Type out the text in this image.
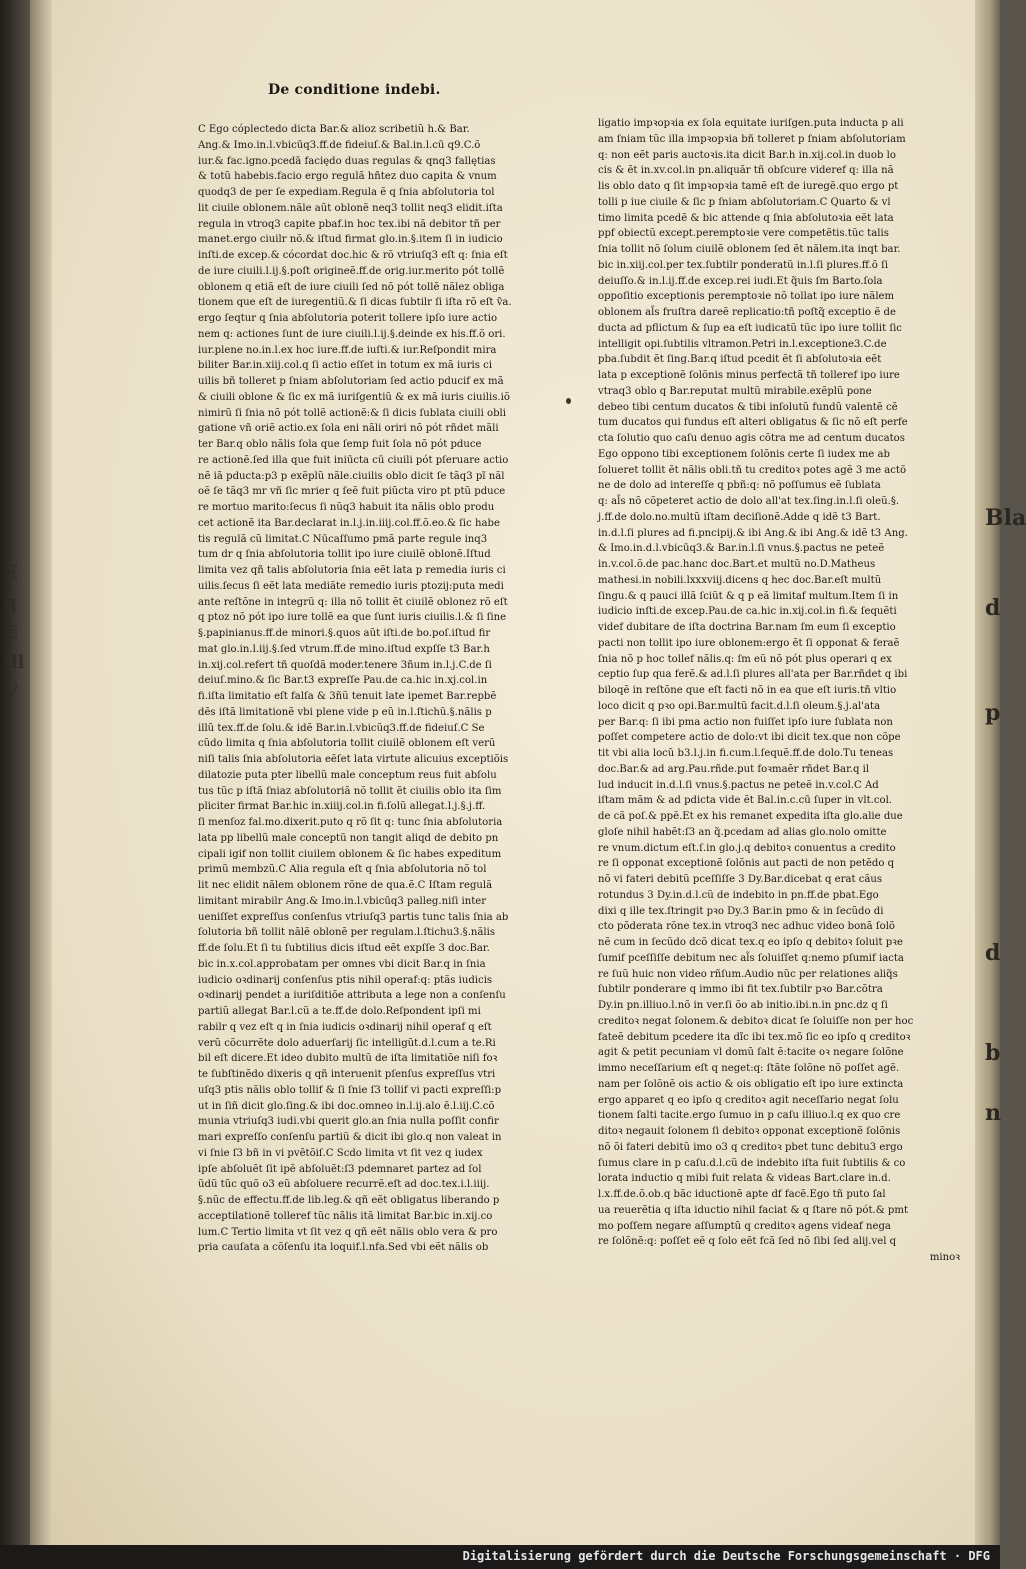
E
q
E
ill
V
Bla
d
p
d
b
n
De conditione indebi.
C Ego cóplectedo dicta Bar.& alioz scribetiũ h.& Bar.
Ang.& Imo.in.l.vbicūq3.ff.de fideiuſ.& Bal.in.l.cū q9.C.õ
iur.& fac.igno.pcedā faciędo duas regulas & qnq3 fallętias
& totũ habebis.facio ergo regulã hñtez duo capita & vnum
quodq3 de per ſe expediam.Regula ẽ q ſnia abſolutoria tol
lit ciuile oblonem.nãle aũt oblonẽ neq3 tollit neq3 elidit.iſta
regula in vtroq3 capite pbaf.in hoc tex.ibi nã debitor tñ per
manet.ergo ciuilr nõ.& iſtud firmat glo.in.§.item ſi in iudicio
inſti.de excep.& cócordat doc.hic & rõ vtriuſq3 eſt q: ſnia eſt
de iure ciuili.l.ij.§.poſt origineẽ.ff.de orig.iur.merito pót tollẽ
oblonem q etiã eſt de iure ciuili ſed nõ pót tollẽ nãlez obliga
tionem que eſt de iuregentiũ.& ſi dicas ſubtilr ſi iſta rõ eſt ṽa.
ergo ſeqtur q ſnia abſolutoria poterit tollere ipſo iure actio
nem q: actiones ſunt de iure ciuili.l.ij.§.deinde ex his.ff.õ ori.
iur.plene no.in.l.ex hoc iure.ff.de iuſti.& iur.Reſpondit mira
biliter Bar.in.xiij.col.q ſi actio eſſet in totum ex mã iuris ci
uilis bñ tolleret p ſniam abſolutoriam ſed actio pducif ex mã
& ciuili oblone & ſic ex mã iuriſgentiũ & ex mã iuris ciuilis.iõ
nimirũ ſi ſnia nõ pót tollẽ actionẽ:& ſi dicis ſublata ciuili obli
gatione vñ oriẽ actio.ex ſola eni nãli oriri nõ pót rñdet mãli
ter Bar.q oblo nãlis ſola que ſemp fuit ſola nõ pót pduce
re actionẽ.ſed illa que fuit iniūcta cū ciuili pót pſeruare actio
nẽ iã pducta:p3 p exẽplũ nãle.ciuilis oblo dicit ſe tãq3 pĩ nãl
oẽ ſe tãq3 mr vñ ſic mrier q ſeẽ fuit piũcta viro pt ptũ pduce
re mortuo marito:ſecus ſi nũq3 habuit ita nãlis oblo produ
cet actionẽ ita Bar.declarat in.l.j.in.iiij.col.ff.õ.eo.& ſic habe
tis regulã cũ limitat.C Nūcaſſumo pmã parte regule inq3
tum dr q ſnia abſolutoria tollit ipo iure ciuilẽ oblonẽ.Iſtud
limita vez qñ talis abſolutoria ſnia eẽt lata p remedia iuris ci
uilis.ſecus ſi eẽt lata mediãte remedio iuris ptozij:puta medi
ante reſtõne in integrũ q: illa nõ tollit ẽt ciuilẽ oblonez rõ eſt
q ptoz nõ pót ipo iure tollẽ ea que ſunt iuris ciuilis.l.& ſi ſine
§.papinianus.ff.de minori.§.quos aũt iſti.de bo.poſ.iſtud fir
mat glo.in.l.iij.§.ſed vtrum.ff.de mino.iſtud expſſe t3 Bar.h
in.xij.col.refert tñ quoſdã moder.tenere 3ñum in.l.j.C.de ſi
deiuſ.mino.& ſic Bar.t3 expreſſe Pau.de ca.hic in.xj.col.in
fi.iſta limitatio eſt falſa & 3ñũ tenuit late ipemet Bar.repbẽ
dẽs iſtã limitationẽ vbi plene vide p eũ in.l.ſtichũ.§.nãlis p
illũ tex.ff.de ſolu.& idẽ Bar.in.l.vbicũq3.ff.de fideiuſ.C Se
cũdo limita q ſnia abſolutoria tollit ciuilẽ oblonem eſt verũ
niſi talis ſnia abſolutoria eẽſet lata virtute alicuius exceptiõis
dilatozie puta pter libellũ male conceptum reus fuit abſolu
tus tũc p iſtã ſniaz abſolutoriã nõ tollit ẽt ciuilis oblo ita ſim
pliciter firmat Bar.hic in.xiiij.col.in fi.ſolũ allegat.l.j.§.j.ff.
ſi menſoz fal.mo.dixerit.puto q rõ ſit q: tunc ſnia abſolutoria
lata pp libellũ male conceptũ non tangit aliqd de debito pn
cipali igif non tollit ciuilem oblonem & ſic habes expeditum
primũ membzũ.C Alia regula eſt q ſnia abſolutoria nõ tol
lit nec elidit nãlem oblonem rõne de qua.ẽ.C Iſtam regulã
limitant mirabilr Ang.& Imo.in.l.vbicūq3 palleg.niſi inter
ueniſſet expreſſus conſenſus vtriuſq3 partis tunc talis ſnia ab
ſolutoria bñ tollit nãlẽ oblonẽ per regulam.l.ſtichu3.§.nãlis
ff.de ſolu.Et ſi tu ſubtilius dicis iſtud eẽt expſſe 3 doc.Bar.
bic in.x.col.approbatam per omnes vbi dicit Bar.q in ſnia
iudicio oꝛdinarij conſenſus ptis nihil operaf:q: ptãs iudicis
oꝛdinarij pendet a iuriſditiõe attributa a lege non a conſenſu
partiũ allegat Bar.l.cũ a te.ff.de dolo.Reſpondent ipſi mi
rabilr q vez eſt q in ſnia iudicis oꝛdinarij nihil operaf q eſt
verũ cõcurrẽte dolo aduerſarij ſic intelligũt.d.l.cum a te.Ri
bil eſt dicere.Et ideo dubito multũ de iſta limitatiõe niſi foꝛ
te ſubſtinẽdo dixeris q qñ interuenit pſenſus expreſſus vtri
uſq3 ptis nãlis oblo tollif & ſi ſnie ſ3 tollif vi pacti expreſſi:p
ut in ſiñ dicit glo.ſing.& ibi doc.omneo in.l.ij.alo ẽ.l.iij.C.cõ
munia vtriuſq3 iudi.vbi querit glo.an ſnia nulla poſſit confir
mari expreſſo conſenſu partiũ & dicit ibi glo.q non valeat in
vi ſnie ſ3 bñ in vi pvẽtõiſ.C Scdo limita vt ſit vez q iudex
ipſe abſoluẽt ſit ipẽ abſoluẽt:ſ3 pdemnaret partez ad ſol
ũdũ tũc quõ o3 eũ abſoluere recurrẽ.eſt ad doc.tex.i.l.iiij.
§.nũc de effectu.ff.de lib.leg.& qñ eẽt obligatus liberando p
acceptilationẽ tolleref tũc nãlis itã limitat Bar.bic in.xij.co
lum.C Tertio limita vt ſit vez q qñ eẽt nãlis oblo vera & pro
pria cauſata a cõſenſu ita loquif.l.nfa.Sed vbi eẽt nãlis ob
ligatio impꝛopꝛia ex ſola equitate iuriſgen.puta inducta p ali
am ſniam tũc illa impꝛopꝛia bñ tolleret p ſniam abſolutoriam
q: non eẽt paris auctoꝛis.ita dicit Bar.h in.xij.col.in duob lo
cis & ẽt in.xv.col.in pn.aliquãr tñ obſcure videref q: illa nã
lis oblo dato q ſit impꝛopꝛia tamẽ eſt de iuregẽ.quo ergo pt
tolli p iue ciuile & ſic p ſniam abſolutoriam.C Quarto & vl
timo limita pcedẽ & bic attende q ſnia abſolutoꝛia eẽt lata
ppf obiectũ except.peremptoꝛie vere competẽtis.tũc talis
ſnia tollit nõ ſolum ciuilẽ oblonem ſed ẽt nãlem.ita inqt bar.
bic in.xiij.col.per tex.ſubtilr ponderatũ in.l.ſi plures.ff.õ ſi
deiuſſo.& in.l.ij.ff.de excep.rei iudi.Et q̃uis ſm Barto.ſola
oppoſitio exceptionis peremptoꝛie nõ tollat ipo iure nãlem
oblonem al̃s fruſtra dareẽ replicatio:tñ poſtq̃ exceptio ẽ de
ducta ad pflictum & ſup ea eſt iudicatũ tũc ipo iure tollit ſic
intelligit opi.ſubtilis vltramon.Petri in.l.exceptione3.C.de
pba.ſubdit ẽt ſing.Bar.q iſtud pcedit ẽt ſi abſolutoꝛia eẽt
lata p exceptionẽ ſolõnis minus perfectã tñ tolleref ipo iure
vtraq3 oblo q Bar.reputat multũ mirabile.exẽplũ pone
debeo tibi centum ducatos & tibi inſolutũ fundũ valentẽ cẽ
tum ducatos qui fundus eſt alteri obligatus & ſic nõ eſt perfe
cta ſolutio quo caſu denuo agis cõtra me ad centum ducatos
Ego oppono tibi exceptionem ſolõnis certe ſi iudex me ab
ſolueret tollit ẽt nãlis obli.tñ tu creditoꝛ potes agẽ 3 me actõ
ne de dolo ad intereſſe q pbñ:q: nõ poſſumus eẽ ſublata
q: al̃s nõ cõpeteret actio de dolo all'at tex.ſing.in.l.ſi oleũ.§.
j.ff.de dolo.no.multũ iſtam deciſionẽ.Adde q idẽ t3 Bart.
in.d.l.ſi plures ad fi.pncipij.& ibi Ang.& ibi Ang.& idẽ t3 Ang.
& Imo.in.d.l.vbicūq3.& Bar.in.l.ſi vnus.§.pactus ne peteẽ
in.v.col.õ.de pac.hanc doc.Bart.et multũ no.D.Matheus
mathesi.in nobili.lxxxviij.dicens q hec doc.Bar.eſt multũ
ſingu.& q pauci illã ſciũt & q p eã limitaf multum.Item ſi in
iudicio inſti.de excep.Pau.de ca.hic in.xij.col.in fi.& ſequẽti
videf dubitare de iſta doctrina Bar.nam ſm eum ſi exceptio
pacti non tollit ipo iure oblonem:ergo ẽt ſi opponat & feraẽ
ſnia nõ p hoc tollef nãlis.q: ſm eũ nõ pót plus operari q ex
ceptio ſup qua ferẽ.& ad.l.ſi plures all'ata per Bar.rñdet q ibi
biloqẽ in reſtõne que eſt facti nõ in ea que eſt iuris.tñ vltio
loco dicit q pꝛo opi.Bar.multũ facit.d.l.ſi oleum.§.j.al'ata
per Bar.q: ſi ibi pma actio non fuiſſet ipſo iure ſublata non
poſſet competere actio de dolo:vt ibi dicit tex.que non cõpe
tit vbi alia locũ b3.l.j.in fi.cum.l.ſequẽ.ff.de dolo.Tu teneas
doc.Bar.& ad arg.Pau.rñde.put foꝛmaẽr rñdet Bar.q il
lud inducit in.d.l.ſi vnus.§.pactus ne peteẽ in.v.col.C Ad
iſtam mãm & ad pdicta vide ẽt Bal.in.c.cū ſuper in vlt.col.
de cã poſ.& ppẽ.Et ex his remanet expedita iſta glo.alie due
gloſe nihil habẽt:ſ3 an q̃.pcedam ad alias glo.nolo omitte
re vnum.dictum eſt.ſ.in glo.j.q debitoꝛ conuentus a credito
re ſi opponat exceptionẽ ſolõnis aut pacti de non petẽdo q
nõ vi fateri debitũ pceſſiſſe 3 Dy.Bar.dicebat q erat cãus
rotundus 3 Dy.in.d.l.cũ de indebito in pn.ff.de pbat.Ego
dixi q ille tex.ſtringit pꝛo Dy.3 Bar.in pmo & in ſecũdo di
cto põderata rõne tex.in vtroq3 nec adhuc video bonã ſolõ
nẽ cum in ſecũdo dcõ dicat tex.q eo ipſo q debitoꝛ ſoluit pꝛe
ſumif pceſſiſſe debitum nec al̃s ſoluiſſet q:nemo pſumif iacta
re ſuũ huic non video rñſum.Audio nũc per relationes aliq̃s
ſubtilr ponderare q immo ibi fit tex.ſubtilr pꝛo Bar.cõtra
Dy.in pn.illiuo.l.nõ in ver.ſi õo ab initio.ibi.n.in pnc.dz q ſi
creditoꝛ negat ſolonem.& debitoꝛ dicat ſe ſoluiſſe non per hoc
fateẽ debitum pcedere ita dĩc ibi tex.mõ ſic eo ipſo q creditoꝛ
agit & petit pecuniam vl domũ ſalt ẽ:tacite oꝛ negare ſolõne
immo neceſſarium eſt q neget:q: ſtãte ſolõne nõ poſſet agẽ.
nam per ſolõnẽ ois actio & ois obligatio eſt ipo iure extincta
ergo apparet q eo ipſo q creditoꝛ agit neceſſario negat ſolu
tionem ſalti tacite.ergo ſumuo in p caſu illiuo.l.q ex quo cre
ditoꝛ negauit ſolonem ſi debitoꝛ opponat exceptionẽ ſolõnis
nõ õi fateri debitũ imo o3 q creditoꝛ pbet tunc debitu3 ergo
ſumus clare in p caſu.d.l.cũ de indebito iſta fuit ſubtilis & co
lorata inductio q mibi fuit relata & videas Bart.clare in.d.
l.x.ff.de.õ.ob.q bãc iductionẽ apte df facẽ.Ego tñ puto ſal
ua reuerẽtia q iſta iductio nihil faciat & q ſtare nõ pót.& pmt
mo poſſem negare aſſumptũ q creditoꝛ agens videaf nega
re ſolõnẽ:q: poſſet eẽ q ſolo eẽt fcã ſed nõ ſibi ſed alij.vel q
minoꝛ
Digitalisierung gefördert durch die Deutsche Forschungsgemeinschaft · DFG
